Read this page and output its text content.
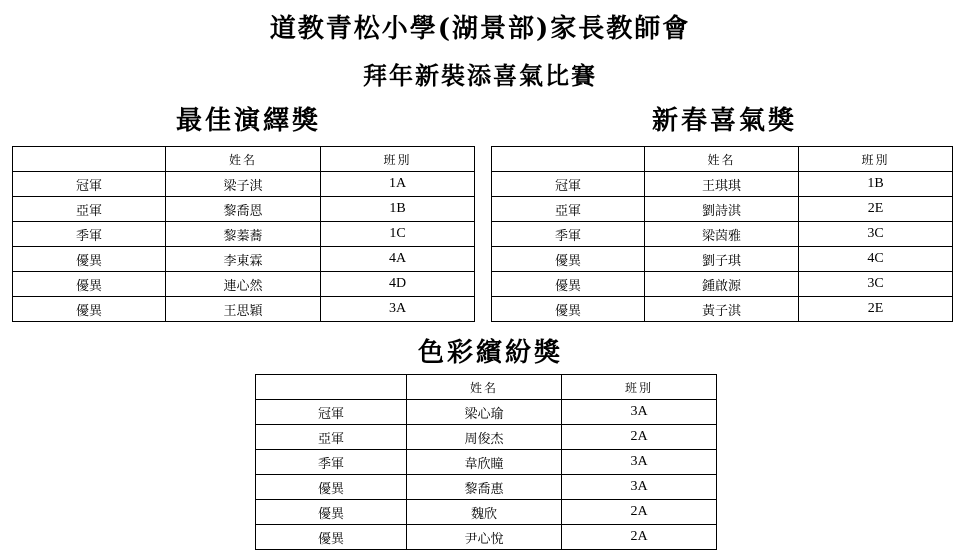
道教青松小學(湖景部)家長教師會
拜年新裝添喜氣比賽
最佳演繹獎
	姓名	班別
冠軍	梁子淇	1A
亞軍	黎喬恩	1B
季軍	黎蓁蕎	1C
優異	李東霖	4A
優異	連心然	4D
優異	王思穎	3A
新春喜氣獎
	姓名	班別
冠軍	王琪琪	1B
亞軍	劉詩淇	2E
季軍	梁茵雅	3C
優異	劉子琪	4C
優異	鍾啟源	3C
優異	黃子淇	2E
色彩繽紛獎
	姓名	班別
冠軍	梁心瑜	3A
亞軍	周俊杰	2A
季軍	韋欣瞳	3A
優異	黎喬惠	3A
優異	魏欣	2A
優異	尹心悅	2A
